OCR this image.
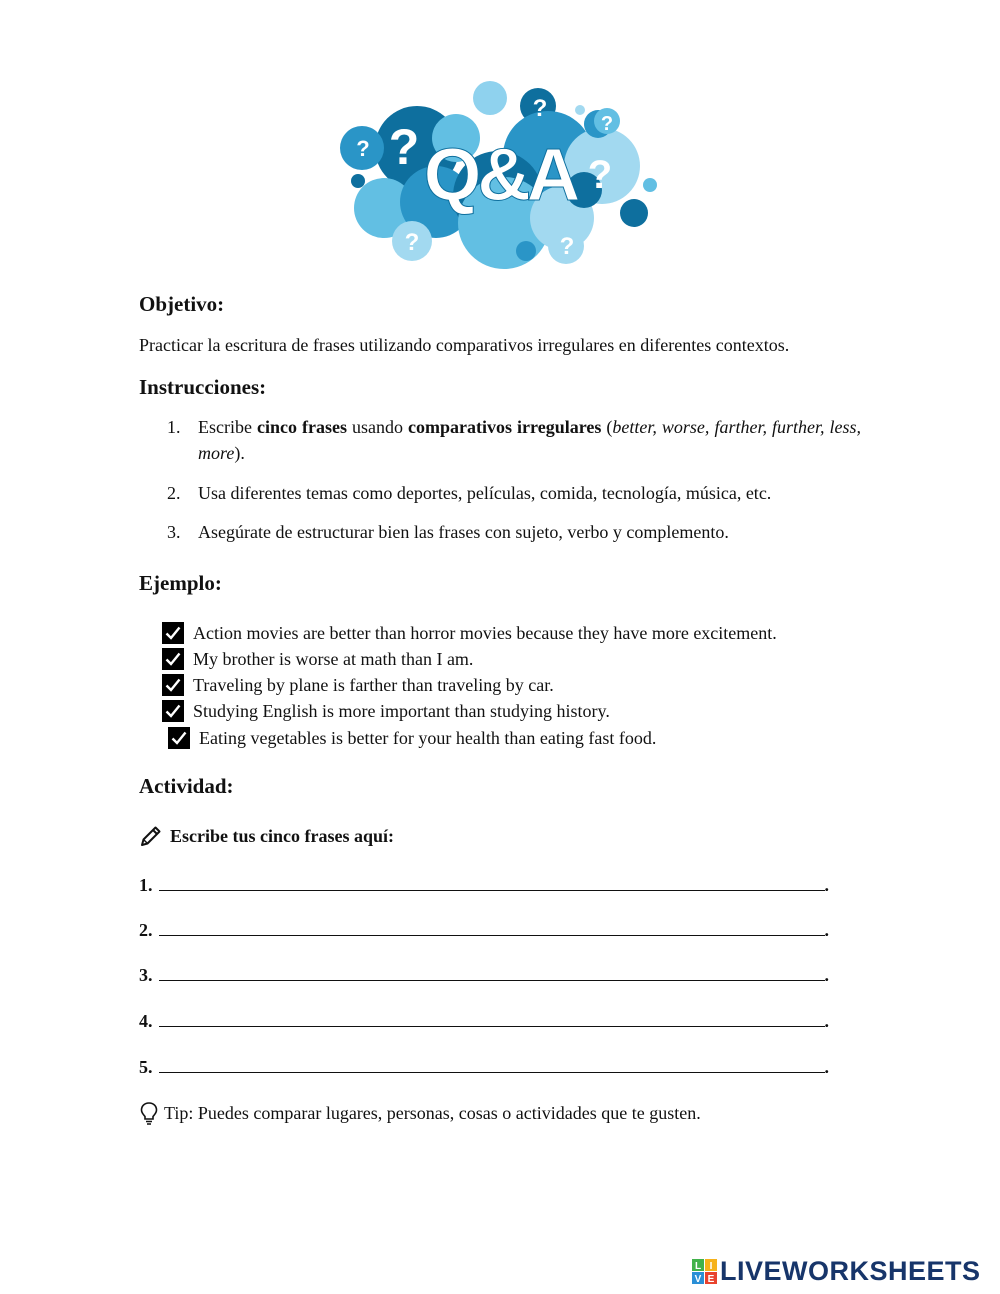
?
?
?
?
?
?	?
Q&A
Objetivo:

Practicar la escritura de frases utilizando comparativos irregulares en diferentes contextos.

Instrucciones:
1. Escribe cinco frases usando comparativos irregulares (better, worse, farther, further, less, more).
2. Usa diferentes temas como deportes, películas, comida, tecnología, música, etc.
3. Asegúrate de estructurar bien las frases con sujeto, verbo y complemento.
Ejemplo:
Action movies are better than horror movies because they have more excitement.
My brother is worse at math than I am.
Traveling by plane is farther than traveling by car.
Studying English is more important than studying history.
Eating vegetables is better for your health than eating fast food.
Actividad:
Escribe tus cinco frases aquí:
1.	.
2.	.
3.	.
4.	.
5.	.
Tip: Puedes comparar lugares, personas, cosas o actividades que te gusten.
L I
V E LIVEWORKSHEETS
